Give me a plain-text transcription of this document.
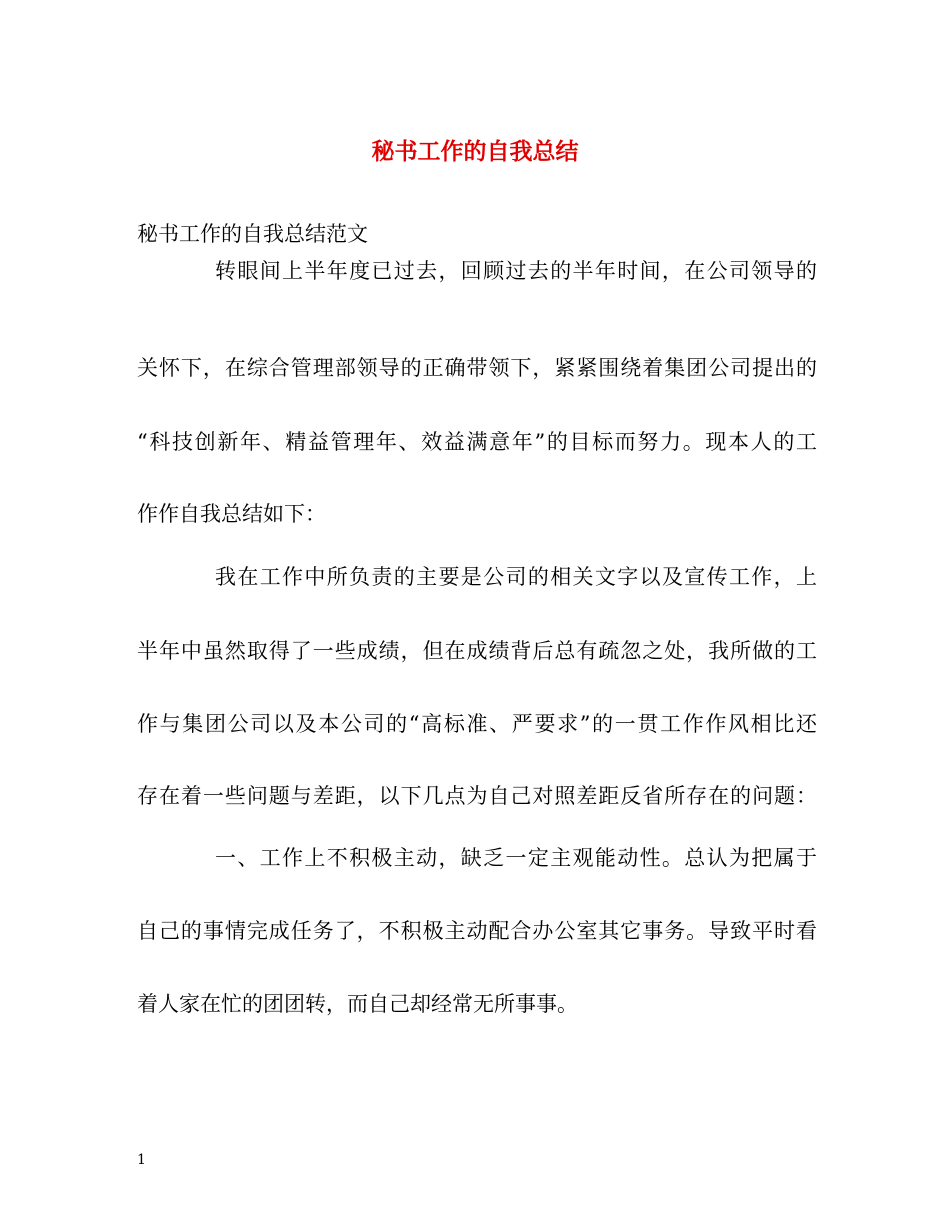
秘书工作的自我总结
秘书工作的自我总结范文
转眼间上半年度已过去，回顾过去的半年时间，在公司领导的
关怀下，在综合管理部领导的正确带领下，紧紧围绕着集团公司提出的
“科技创新年、精益管理年、效益满意年”的目标而努力。现本人的工
作作自我总结如下：
我在工作中所负责的主要是公司的相关文字以及宣传工作，上
半年中虽然取得了一些成绩，但在成绩背后总有疏忽之处，我所做的工
作与集团公司以及本公司的“高标准、严要求”的一贯工作作风相比还
存在着一些问题与差距，以下几点为自己对照差距反省所存在的问题：
一、工作上不积极主动，缺乏一定主观能动性。总认为把属于
自己的事情完成任务了，不积极主动配合办公室其它事务。导致平时看
着人家在忙的团团转，而自己却经常无所事事。
1
